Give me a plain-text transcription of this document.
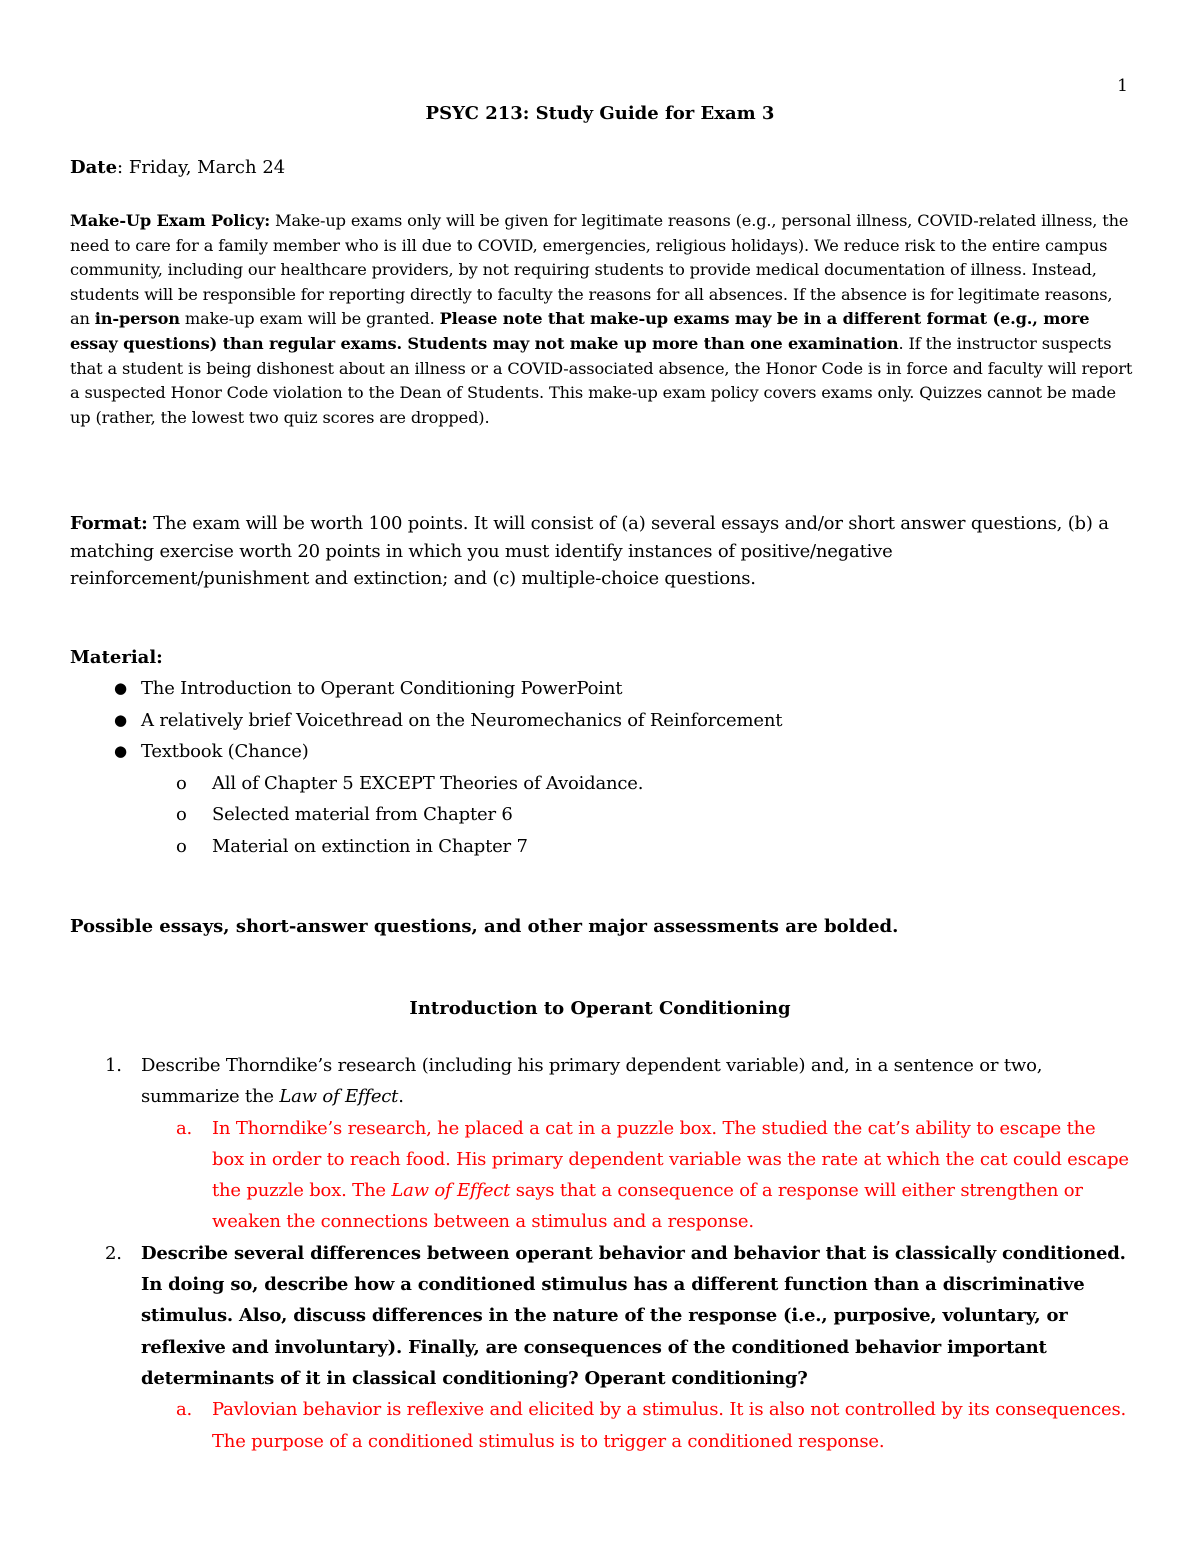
1
PSYC 213: Study Guide for Exam 3
Date: Friday, March 24
Make-Up Exam Policy: Make-up exams only will be given for legitimate reasons (e.g., personal illness, COVID-related illness, the need to care for a family member who is ill due to COVID, emergencies, religious holidays). We reduce risk to the entire campus community, including our healthcare providers, by not requiring students to provide medical documentation of illness. Instead, students will be responsible for reporting directly to faculty the reasons for all absences. If the absence is for legitimate reasons, an in-person make-up exam will be granted. Please note that make-up exams may be in a different format (e.g., more essay questions) than regular exams. Students may not make up more than one examination. If the instructor suspects that a student is being dishonest about an illness or a COVID-associated absence, the Honor Code is in force and faculty will report a suspected Honor Code violation to the Dean of Students. This make-up exam policy covers exams only. Quizzes cannot be made up (rather, the lowest two quiz scores are dropped).
Format: The exam will be worth 100 points. It will consist of (a) several essays and/or short answer questions, (b) a matching exercise worth 20 points in which you must identify instances of positive/negative reinforcement/punishment and extinction; and (c) multiple-choice questions.
Material:
● The Introduction to Operant Conditioning PowerPoint
● A relatively brief Voicethread on the Neuromechanics of Reinforcement
● Textbook (Chance)
o All of Chapter 5 EXCEPT Theories of Avoidance.
o Selected material from Chapter 6
o Material on extinction in Chapter 7
Possible essays, short-answer questions, and other major assessments are bolded.
Introduction to Operant Conditioning
1. Describe Thorndike’s research (including his primary dependent variable) and, in a sentence or two, summarize the Law of Effect.
a. In Thorndike’s research, he placed a cat in a puzzle box. The studied the cat’s ability to escape the box in order to reach food. His primary dependent variable was the rate at which the cat could escape the puzzle box. The Law of Effect says that a consequence of a response will either strengthen or weaken the connections between a stimulus and a response.
2. Describe several differences between operant behavior and behavior that is classically conditioned. In doing so, describe how a conditioned stimulus has a different function than a discriminative stimulus. Also, discuss differences in the nature of the response (i.e., purposive, voluntary, or reflexive and involuntary). Finally, are consequences of the conditioned behavior important determinants of it in classical conditioning? Operant conditioning?
a. Pavlovian behavior is reflexive and elicited by a stimulus. It is also not controlled by its consequences. The purpose of a conditioned stimulus is to trigger a conditioned response.
